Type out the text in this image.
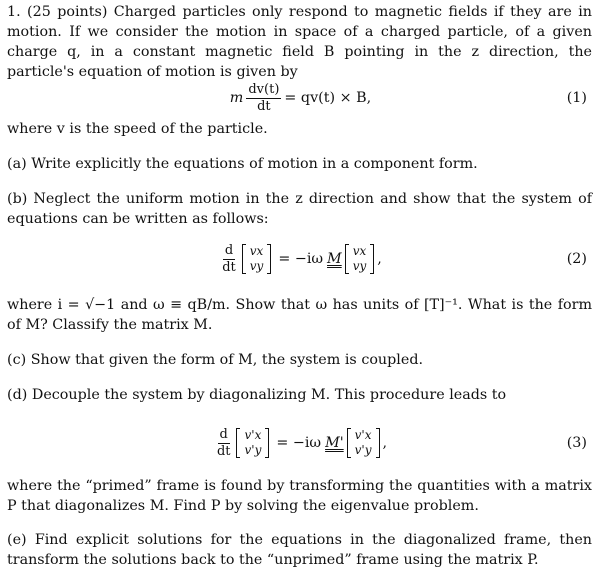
1. (25 points) Charged particles only respond to magnetic fields if they are in motion. If we consider the motion in space of a charged particle, of a given charge q, in a constant magnetic field B pointing in the z direction, the particle's equation of motion is given by

m $\frac{dv(t)}{dt} = qv(t) \times B$,	(1)

where v is the speed of the particle.

(a) Write explicitly the equations of motion in a component form.

(b) Neglect the uniform motion in the z direction and show that the system of equations can be written as follows:

$\frac{d}{dt}$ vx
vy = −iω M vx
vy ,	(2)

where i = √−1 and ω ≡ qB/m. Show that ω has units of [T]⁻¹. What is the form of M? Classify the matrix M.

(c) Show that given the form of M, the system is coupled.

(d) Decouple the system by diagonalizing M. This procedure leads to

$\frac{d}{dt} v'x$
v'y = −iω M' v'x
v'y ,	(3)

where the “primed” frame is found by transforming the quantities with a matrix P that diagonalizes M. Find P by solving the eigenvalue problem.

(e) Find explicit solutions for the equations in the diagonalized frame, then transform the solutions back to the “unprimed” frame using the matrix P.
